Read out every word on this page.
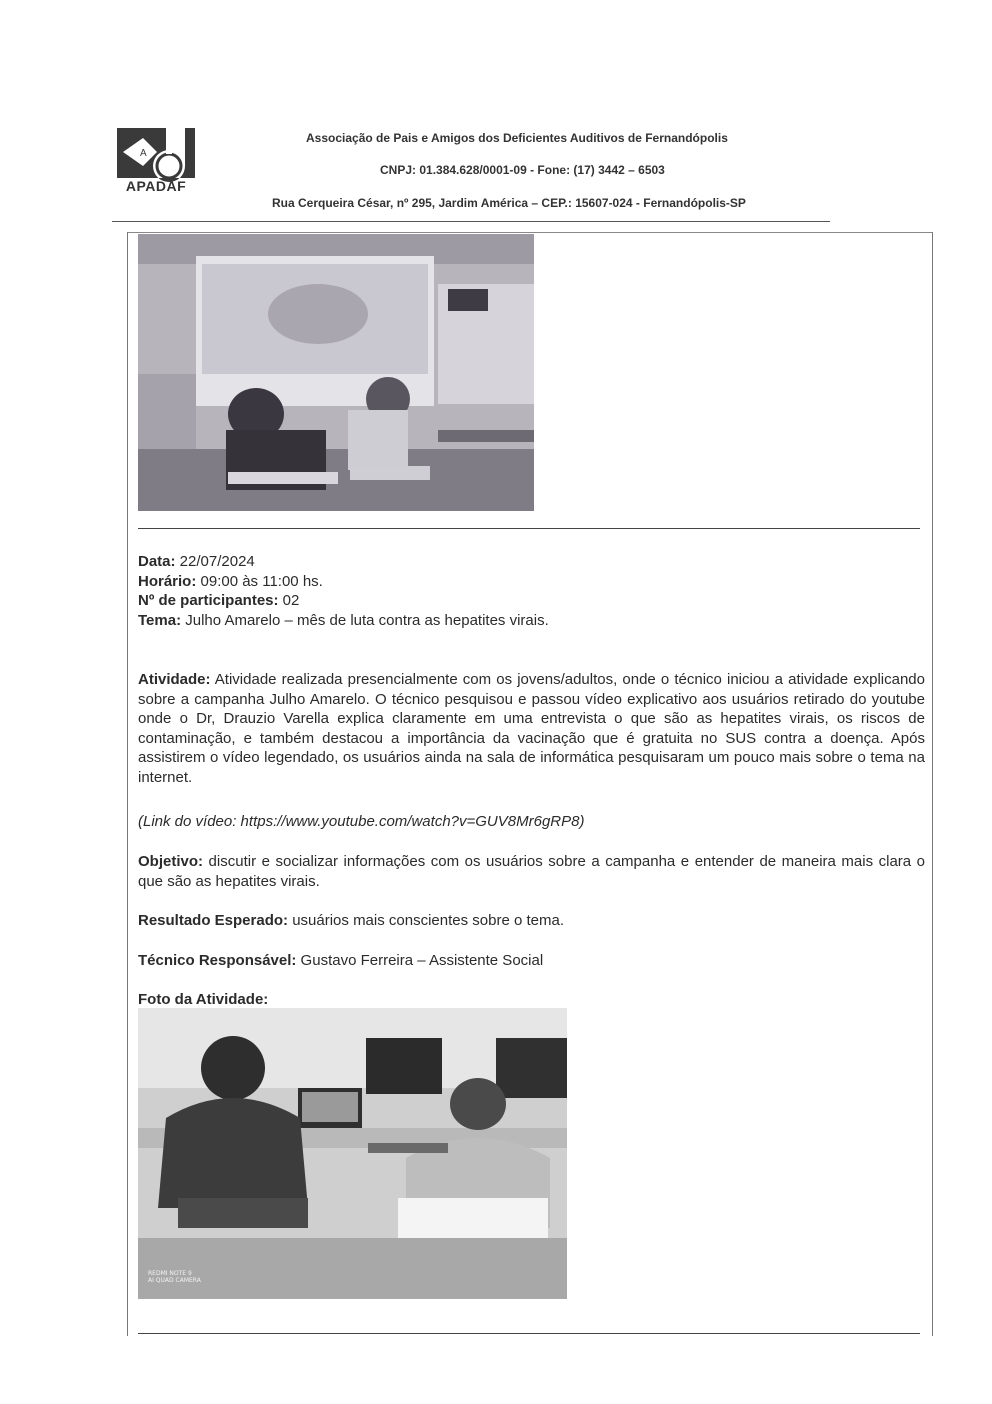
A
APADAF
Associação de Pais e Amigos dos Deficientes Auditivos de Fernandópolis
CNPJ: 01.384.628/0001-09 - Fone: (17) 3442 – 6503
Rua Cerqueira César, nº 295, Jardim América – CEP.: 15607-024 - Fernandópolis-SP
Data: 22/07/2024
Horário: 09:00 às 11:00 hs.
Nº de participantes: 02
Tema: Julho Amarelo – mês de luta contra as hepatites virais.
Atividade: Atividade realizada presencialmente com os jovens/adultos, onde o técnico iniciou a atividade explicando sobre a campanha Julho Amarelo. O técnico pesquisou e passou vídeo explicativo aos usuários retirado do youtube onde o Dr, Drauzio Varella explica claramente em uma entrevista o que são as hepatites virais, os riscos de contaminação, e também destacou a importância da vacinação que é gratuita no SUS contra a doença. Após assistirem o vídeo legendado, os usuários ainda na sala de informática pesquisaram um pouco mais sobre o tema na internet.
(Link do vídeo: https://www.youtube.com/watch?v=GUV8Mr6gRP8)
Objetivo: discutir e socializar informações com os usuários sobre a campanha e entender de maneira mais clara o que são as hepatites virais.
Resultado Esperado: usuários mais conscientes sobre o tema.
Técnico Responsável: Gustavo Ferreira – Assistente Social
Foto da Atividade:
REDMI NOTE 9
AI QUAD CAMERA
